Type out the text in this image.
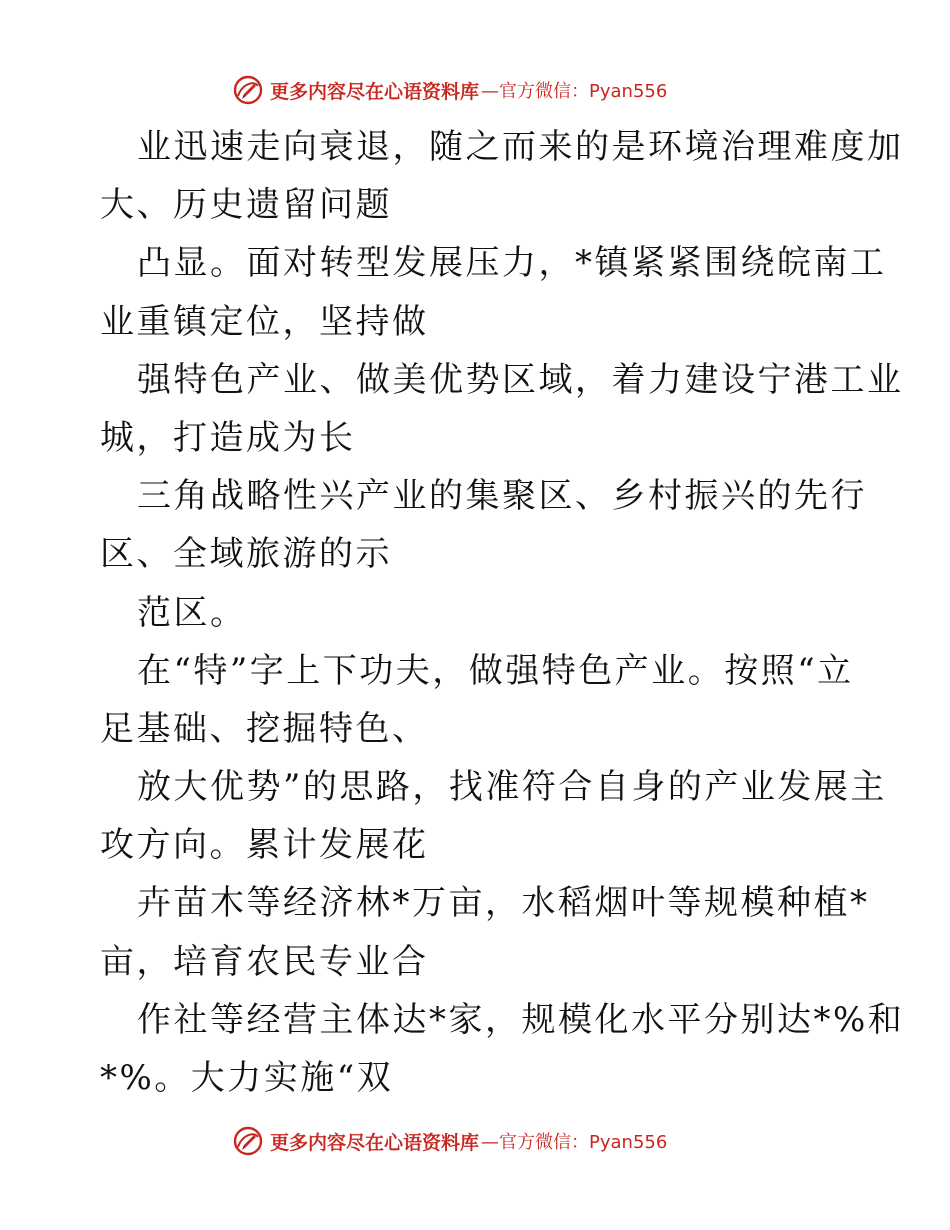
更多内容尽在心语资料库 —官方微信：Pyan556
业迅速走向衰退，随之而来的是环境治理难度加
大、历史遗留问题
凸显。面对转型发展压力，*镇紧紧围绕皖南工
业重镇定位，坚持做
强特色产业、做美优势区域，着力建设宁港工业
城，打造成为长
三角战略性兴产业的集聚区、乡村振兴的先行
区、全域旅游的示
范区。
在“特”字上下功夫，做强特色产业。按照“立
足基础、挖掘特色、
放大优势”的思路，找准符合自身的产业发展主
攻方向。累计发展花
卉苗木等经济林*万亩，水稻烟叶等规模种植*
亩，培育农民专业合
作社等经营主体达*家，规模化水平分别达*%和
*%。大力实施“双
更多内容尽在心语资料库 —官方微信：Pyan556
